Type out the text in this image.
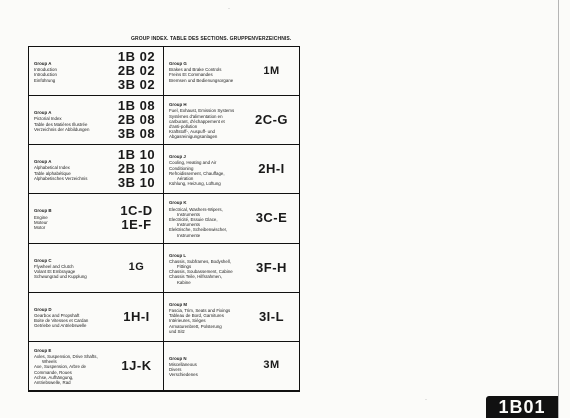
GROUP INDEX. TABLE DES SECTIONS. GRUPPENVERZEICHNIS.
Group A
Introduction
Introduction
Einführung
1B 02
2B 02
3B 02
Group G
Brakes and Brake Controls
Freins Et Commandes
Bremsen und Bedienungsorgane
1M
Group A
Pictorial Index
Table des Matières Illustrée
Verzeichnis der Abbildungen
1B 08
2B 08
3B 08
Group H
Fuel, Exhaust, Emission Systems
Systèmes d'alimentation en
carburant, d'échappement et
d'anti-pollution
Kraftstoff-, Auspuff- und
Abgasreinigungsanlagen
2C-G
Group A
Alphabetical Index
Table alphabétique
Alphabetisches Verzeichnis
1B 10
2B 10
3B 10
Group J
Cooling, Heating and Air
Conditioning
Refroidissement, Chauffage,
Aération
Kühlung, Heizung, Lüftung
2H-I
Group B
Engine
Moteur
Motor
1C-D
1E-F
Group K
Electrical, Washers-Wipers,
Instruments
Electricité, Essuie Glace,
Instruments
Elektrische, Scheibenwischer,
Instrumente
3C-E
Group C
Flywheel and Clutch
Volant Et Embrayage
Schwungrad und Kupplung
1G
Group L
Chassis, Subframes, Bodyshell,
Fittings
Chassis, Soubassement, Cabine
Chassis Teile, Hilfsrahmen,
Kabine
3F-H
Group D
Gearbox and Propshaft
Boite de Vitesses et Cardan
Getriebe und Antriebswelle
1H-I
Group M
Fascia, Trim, Seats and Fixings
Tableau de Bord, Garnitures
Intérieures, Sièges
Armaturenbrett, Polsterung
und Sitz
3I-L
Group E
Axles, Suspension, Drive Shafts,
Wheels
Axe, Suspension, Arbre de
Commande, Roues
Achse, Aufhängung,
Antriebswelle, Rad
1J-K	Group N
Miscellaneous
Divers
Verschiedenes
3M
·
·	1B01
